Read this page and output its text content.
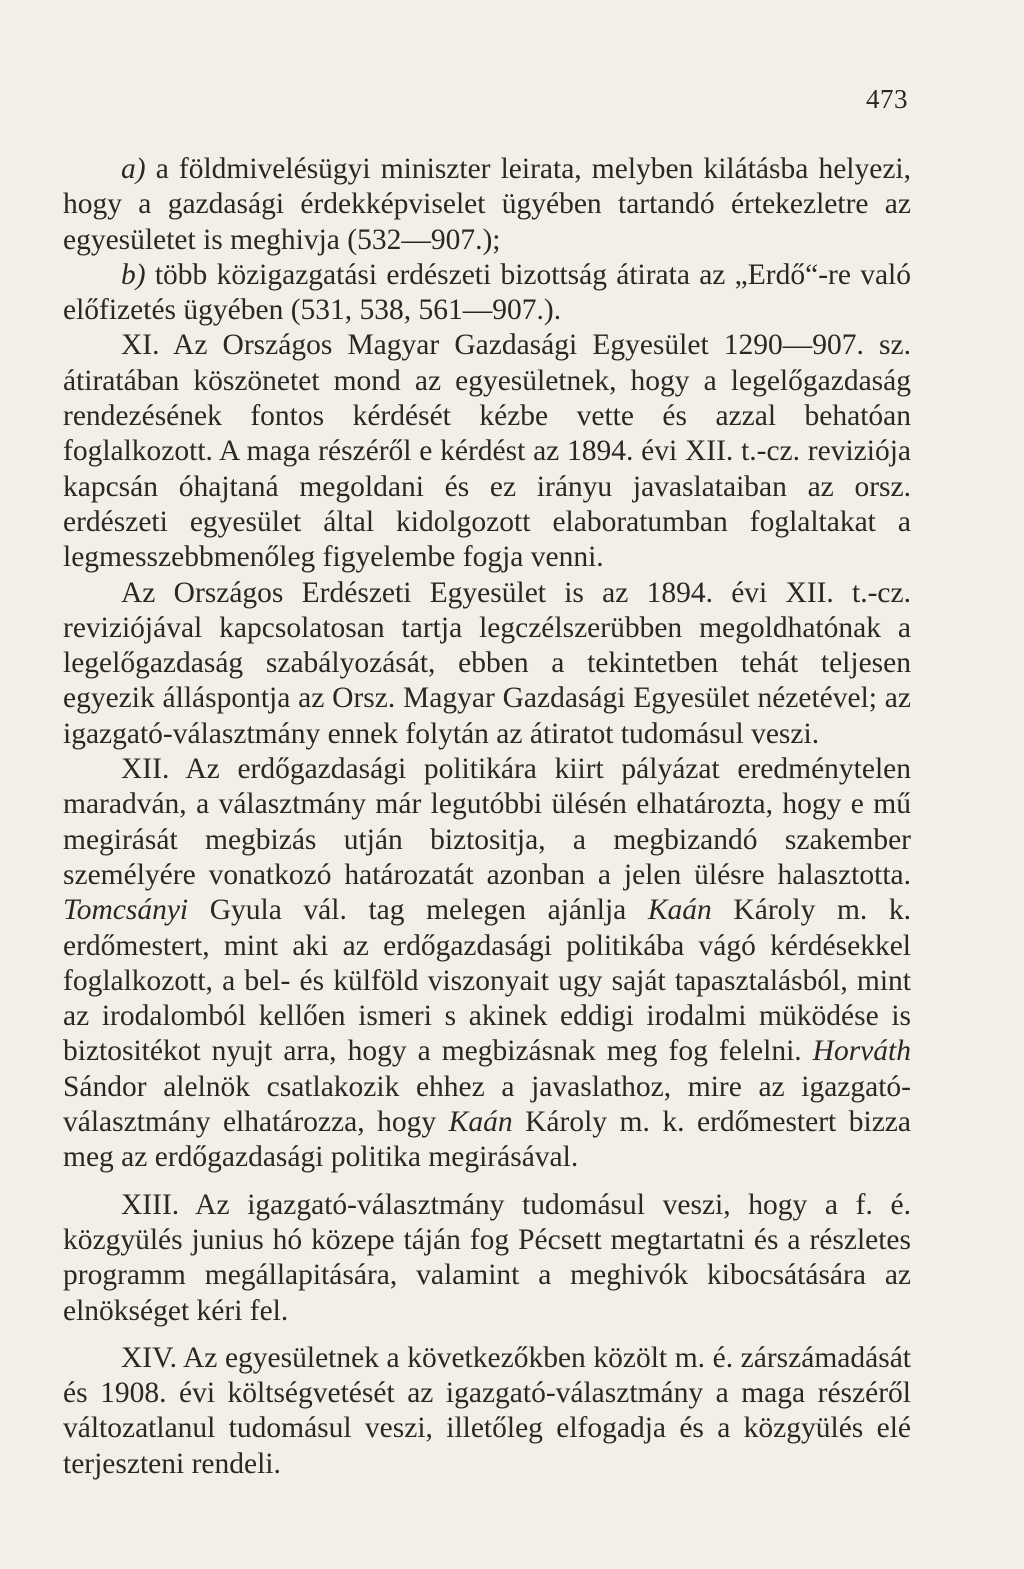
473

a) a földmivelésügyi miniszter leirata, melyben kilátásba helyezi, hogy a gazdasági érdekképviselet ügyében tartandó értekezletre az egyesületet is meghivja (532—907.);

b) több közigazgatási erdészeti bizottság átirata az „Erdő“-re való előfizetés ügyében (531, 538, 561—907.).

XI. Az Országos Magyar Gazdasági Egyesület 1290—907. sz. átiratában köszönetet mond az egyesületnek, hogy a legelőgazdaság rendezésének fontos kérdését kézbe vette és azzal behatóan foglalkozott. A maga részéről e kérdést az 1894. évi XII. t.-cz. reviziója kapcsán óhajtaná megoldani és ez irányu javaslataiban az orsz. erdészeti egyesület által kidolgozott elaboratumban foglaltakat a legmesszebbmenőleg figyelembe fogja venni.

Az Országos Erdészeti Egyesület is az 1894. évi XII. t.-cz. reviziójával kapcsolatosan tartja legczélszerübben megoldhatónak a legelőgazdaság szabályozását, ebben a tekintetben tehát teljesen egyezik álláspontja az Orsz. Magyar Gazdasági Egyesület nézetével; az igazgató-választmány ennek folytán az átiratot tudomásul veszi.

XII. Az erdőgazdasági politikára kiirt pályázat eredménytelen maradván, a választmány már legutóbbi ülésén elhatározta, hogy e mű megirását megbizás utján biztositja, a megbizandó szakember személyére vonatkozó határozatát azonban a jelen ülésre halasztotta. Tomcsányi Gyula vál. tag melegen ajánlja Kaán Károly m. k. erdőmestert, mint aki az erdőgazdasági politikába vágó kérdésekkel foglalkozott, a bel- és külföld viszonyait ugy saját tapasztalásból, mint az irodalomból kellően ismeri s akinek eddigi irodalmi müködése is biztositékot nyujt arra, hogy a megbizásnak meg fog felelni. Horváth Sándor alelnök csatlakozik ehhez a javaslathoz, mire az igazgató-választmány elhatározza, hogy Kaán Károly m. k. erdőmestert bizza meg az erdőgazdasági politika megirásával.

XIII. Az igazgató-választmány tudomásul veszi, hogy a f. é. közgyülés junius hó közepe táján fog Pécsett megtartatni és a részletes programm megállapitására, valamint a meghivók kibocsátására az elnökséget kéri fel.

XIV. Az egyesületnek a következőkben közölt m. é. zárszámadását és 1908. évi költségvetését az igazgató-választmány a maga részéről változatlanul tudomásul veszi, illetőleg elfogadja és a közgyülés elé terjeszteni rendeli.
